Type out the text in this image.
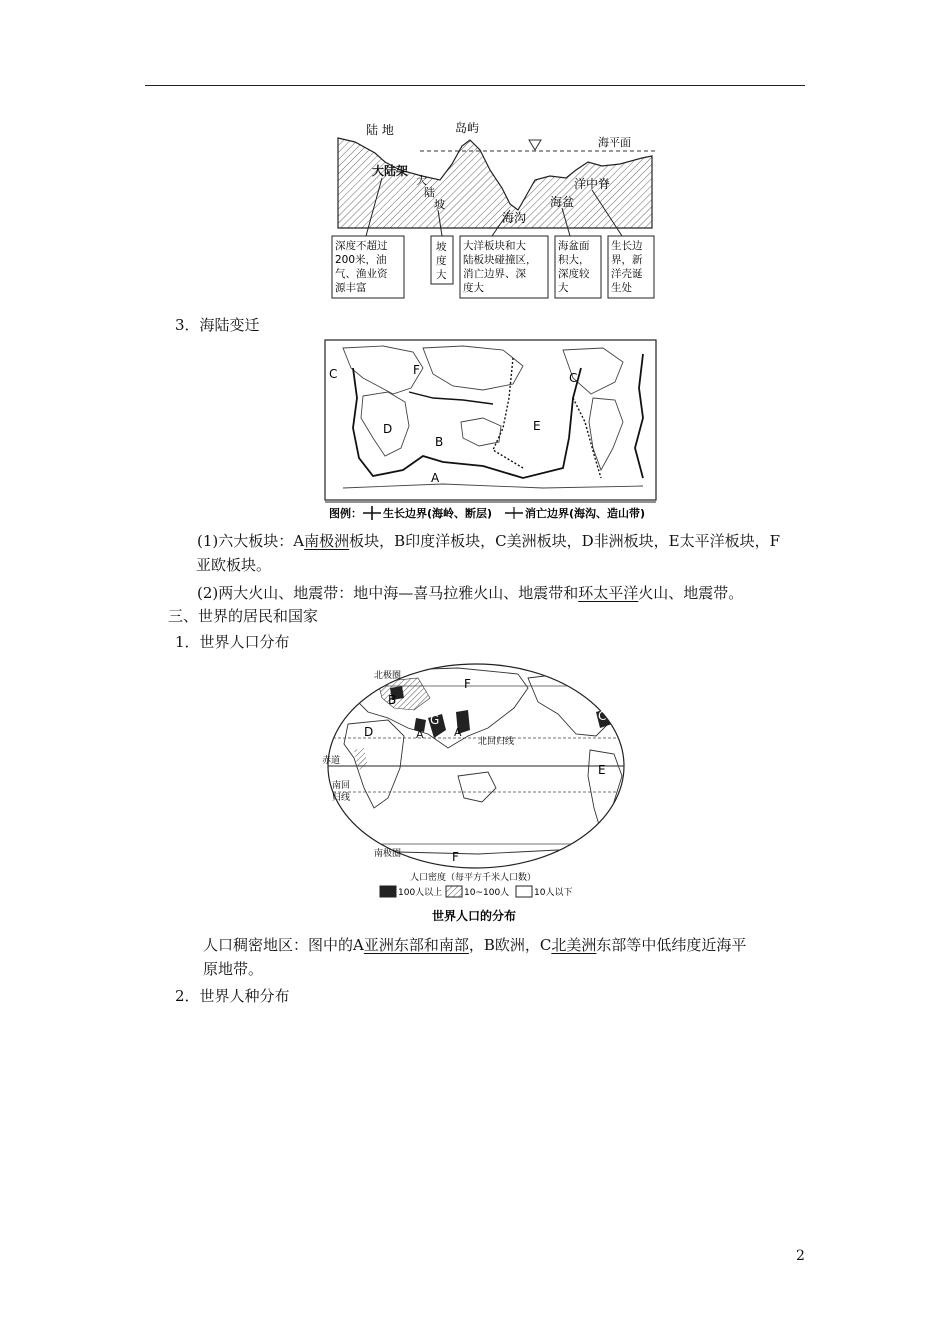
陆 地	岛屿
海平面
大陆架
大
陆
坡
海沟
海盆
洋中脊
深度不超过 200米，油 气、渔业资 源丰富
坡 度 大
大洋板块和大 陆板块碰撞区， 消亡边界、深 度大
海盆面 积大， 深度较 大
生长边 界，新 洋壳诞 生处
3．海陆变迁
C	F
D
B
E
C
A
图例： 生长边界(海岭、断层)	消亡边界(海沟、造山带)
(1)六大板块：A南极洲板块，B印度洋板块，C美洲板块，D非洲板块，E太平洋板块，F
亚欧板块。
(2)两大火山、地震带：地中海—喜马拉雅火山、地震带和环太平洋火山、地震带。
三、世界的居民和国家
1．世界人口分布
北极圈
北回归线
赤道
南回
归线
南极圈
B
F
G
A	A
D
C
E
F
人口密度（每平方千米人口数）
100人以上 10~100人	10人以下
世界人口的分布
人口稠密地区：图中的A亚洲东部和南部，B欧洲，C北美洲东部等中低纬度近海平
原地带。
2．世界人种分布
2
